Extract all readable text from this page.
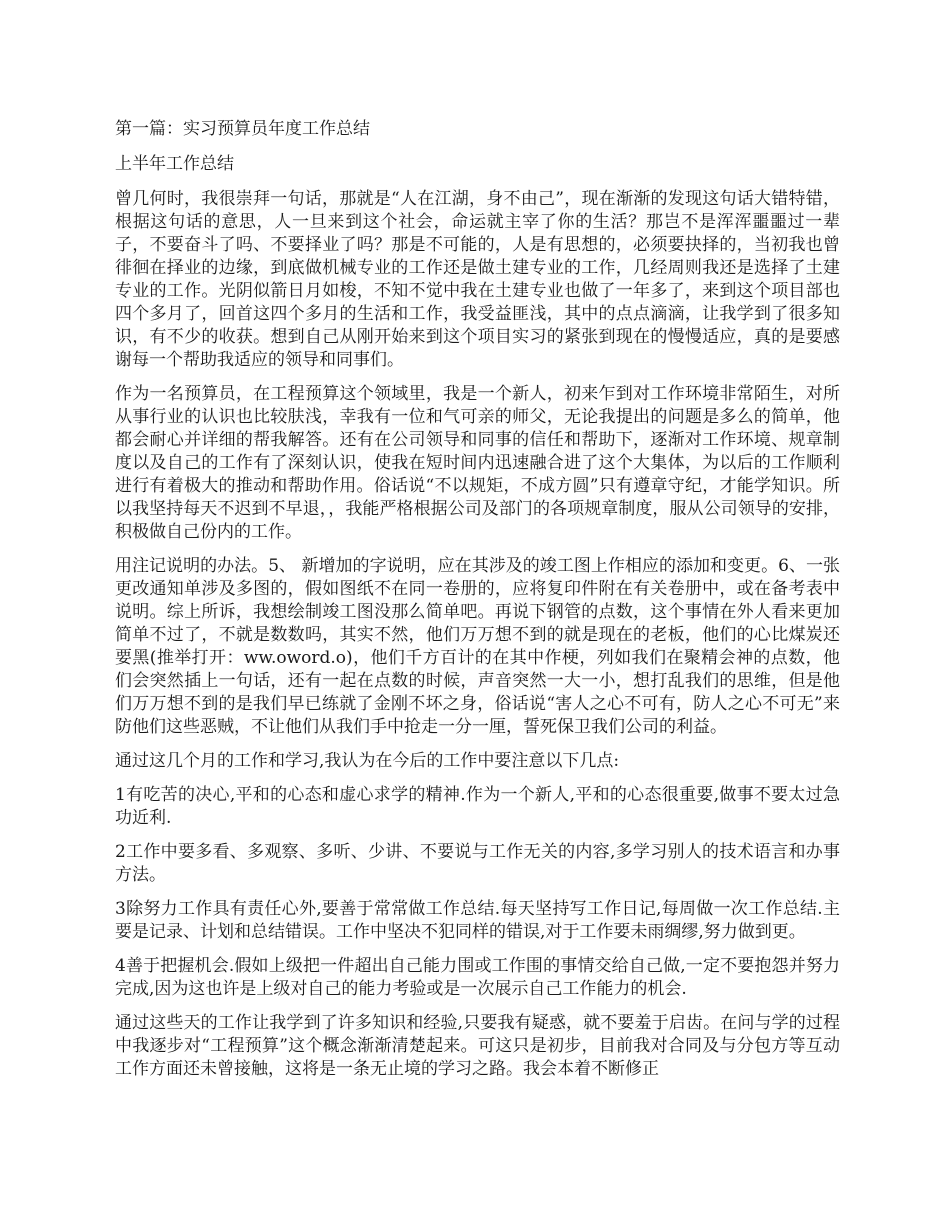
第一篇：实习预算员年度工作总结

上半年工作总结

曾几何时，我很崇拜一句话，那就是“人在江湖，身不由己”，现在渐渐的发现这句话大错特错，根据这句话的意思，人一旦来到这个社会，命运就主宰了你的生活？那岂不是浑浑噩噩过一辈子，不要奋斗了吗、不要择业了吗？那是不可能的，人是有思想的，必须要抉择的，当初我也曾徘徊在择业的边缘，到底做机械专业的工作还是做土建专业的工作，几经周则我还是选择了土建专业的工作。光阴似箭日月如梭，不知不觉中我在土建专业也做了一年多了，来到这个项目部也四个多月了，回首这四个多月的生活和工作，我受益匪浅，其中的点点滴滴，让我学到了很多知识，有不少的收获。想到自己从刚开始来到这个项目实习的紧张到现在的慢慢适应，真的是要感谢每一个帮助我适应的领导和同事们。

作为一名预算员，在工程预算这个领域里，我是一个新人，初来乍到对工作环境非常陌生，对所从事行业的认识也比较肤浅，幸我有一位和气可亲的师父，无论我提出的问题是多么的简单，他都会耐心并详细的帮我解答。还有在公司领导和同事的信任和帮助下，逐渐对工作环境、规章制度以及自己的工作有了深刻认识，使我在短时间内迅速融合进了这个大集体，为以后的工作顺利进行有着极大的推动和帮助作用。俗话说“不以规矩，不成方圆”只有遵章守纪，才能学知识。所以我坚持每天不迟到不早退，，我能严格根据公司及部门的各项规章制度，服从公司领导的安排，积极做自己份内的工作。

用注记说明的办法。5、 新增加的字说明，应在其涉及的竣工图上作相应的添加和变更。6、一张更改通知单涉及多图的，假如图纸不在同一卷册的，应将复印件附在有关卷册中，或在备考表中说明。综上所诉，我想绘制竣工图没那么简单吧。再说下钢管的点数，这个事情在外人看来更加简单不过了，不就是数数吗，其实不然，他们万万想不到的就是现在的老板，他们的心比煤炭还要黑(推举打开：ww.oword.o)，他们千方百计的在其中作梗，列如我们在聚精会神的点数，他们会突然插上一句话，还有一起在点数的时候，声音突然一大一小，想打乱我们的思维，但是他们万万想不到的是我们早已练就了金刚不坏之身，俗话说“害人之心不可有，防人之心不可无”来防他们这些恶贼，不让他们从我们手中抢走一分一厘，誓死保卫我们公司的利益。

通过这几个月的工作和学习,我认为在今后的工作中要注意以下几点:

1有吃苦的决心,平和的心态和虚心求学的精神.作为一个新人,平和的心态很重要,做事不要太过急功近利.

2工作中要多看、多观察、多听、少讲、不要说与工作无关的内容,多学习别人的技术语言和办事方法。

3除努力工作具有责任心外,要善于常常做工作总结.每天坚持写工作日记,每周做一次工作总结.主要是记录、计划和总结错误。工作中坚决不犯同样的错误,对于工作要未雨绸缪,努力做到更。

4善于把握机会.假如上级把一件超出自己能力围或工作围的事情交给自己做,一定不要抱怨并努力完成,因为这也许是上级对自己的能力考验或是一次展示自己工作能力的机会.

通过这些天的工作让我学到了许多知识和经验,只要我有疑惑，就不要羞于启齿。在问与学的过程中我逐步对“工程预算”这个概念渐渐清楚起来。可这只是初步，目前我对合同及与分包方等互动工作方面还未曾接触，这将是一条无止境的学习之路。我会本着不断修正
